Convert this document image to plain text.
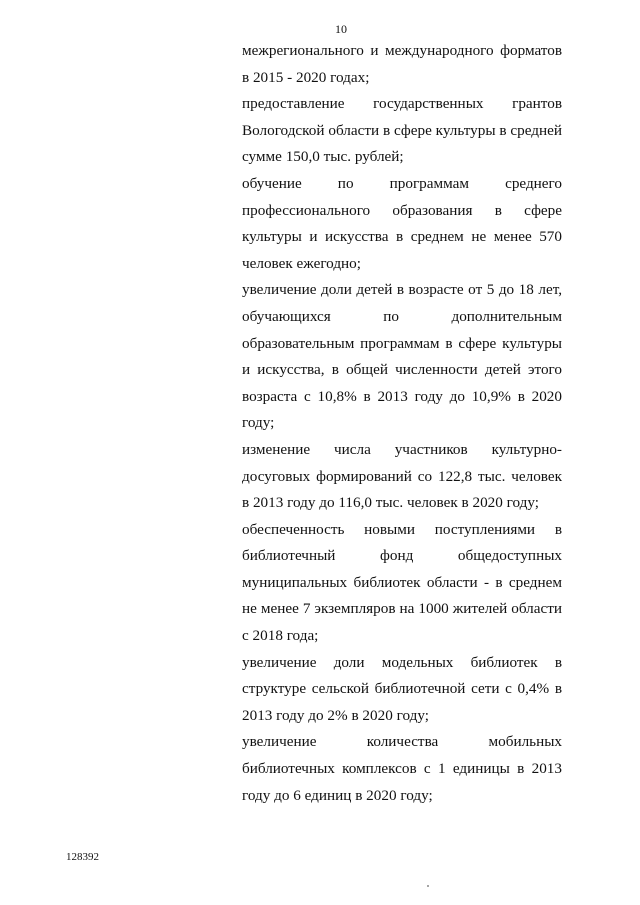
10

межрегионального и международного форматов в 2015 - 2020 годах;

предоставление государственных грантов Вологодской области в сфере культуры в средней сумме 150,0 тыс. рублей;

обучение по программам среднего профессионального образования в сфере культуры и искусства в среднем не менее 570 человек ежегодно;

увеличение доли детей в возрасте от 5 до 18 лет, обучающихся по дополнительным образовательным программам в сфере культуры и искусства, в общей численности детей этого возраста с 10,8% в 2013 году до 10,9% в 2020 году;

изменение числа участников культурно-досуговых формирований со 122,8 тыс. человек в 2013 году до 116,0 тыс. человек в 2020 году;

обеспеченность новыми поступлениями в библиотечный фонд общедоступных муниципальных библиотек области - в среднем не менее 7 экземпляров на 1000 жителей области с 2018 года;

увеличение доли модельных библиотек в структуре сельской библиотечной сети с 0,4% в 2013 году до 2% в 2020 году;

увеличение количества мобильных библиотечных комплексов с 1 единицы в 2013 году до 6 единиц в 2020 году;

128392
